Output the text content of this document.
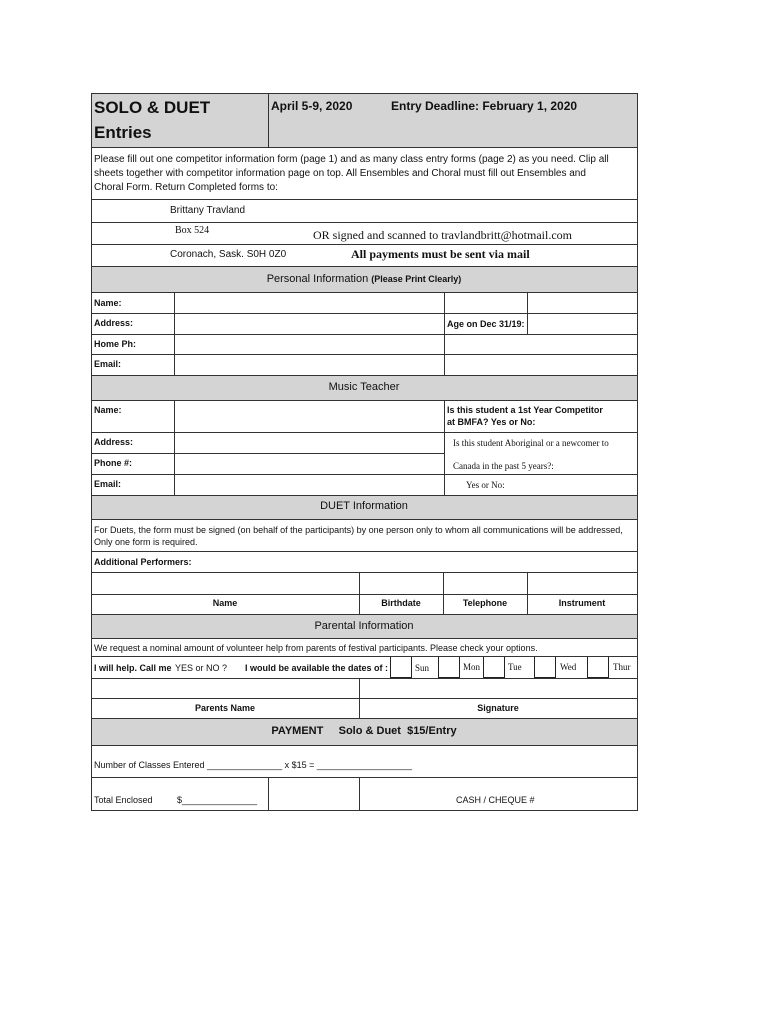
SOLO & DUET
Entries
April 5-9, 2020	Entry Deadline: February 1, 2020
Please fill out one competitor information form (page 1) and as many class entry forms (page 2) as you need. Clip all
sheets together with competitor information page on top. All Ensembles and Choral must fill out Ensembles and
Choral Form. Return Completed forms to:
Brittany Travland
Box 524	OR signed and scanned to travlandbritt@hotmail.com
Coronach, Sask. S0H 0Z0	All payments must be sent via mail
Personal Information (Please Print Clearly)
Name:
Address:	Age on Dec 31/19:
Home Ph:
Email:
Music Teacher
Name:	Is this student a 1st Year Competitor
at BMFA? Yes or No:
Address:	Is this student Aboriginal or a newcomer to
Phone #:	Canada in the past 5 years?:
Email:	Yes or No:
DUET Information
For Duets, the form must be signed (on behalf of the participants) by one person only to whom all communications will be addressed,
Only one form is required.
Additional Performers:
Name	Birthdate	Telephone	Instrument
Parental Information
We request a nominal amount of volunteer help from parents of festival participants. Please check your options.
I will help. Call me YES or NO ? I would be available the dates of :	Sun	Mon	Tue	Wed	Thur
Parents Name	Signature
PAYMENT     Solo & Duet  $15/Entry
Number of Classes Entered _______________ x $15 = ___________________
Total Enclosed	$_______________	CASH / CHEQUE #
